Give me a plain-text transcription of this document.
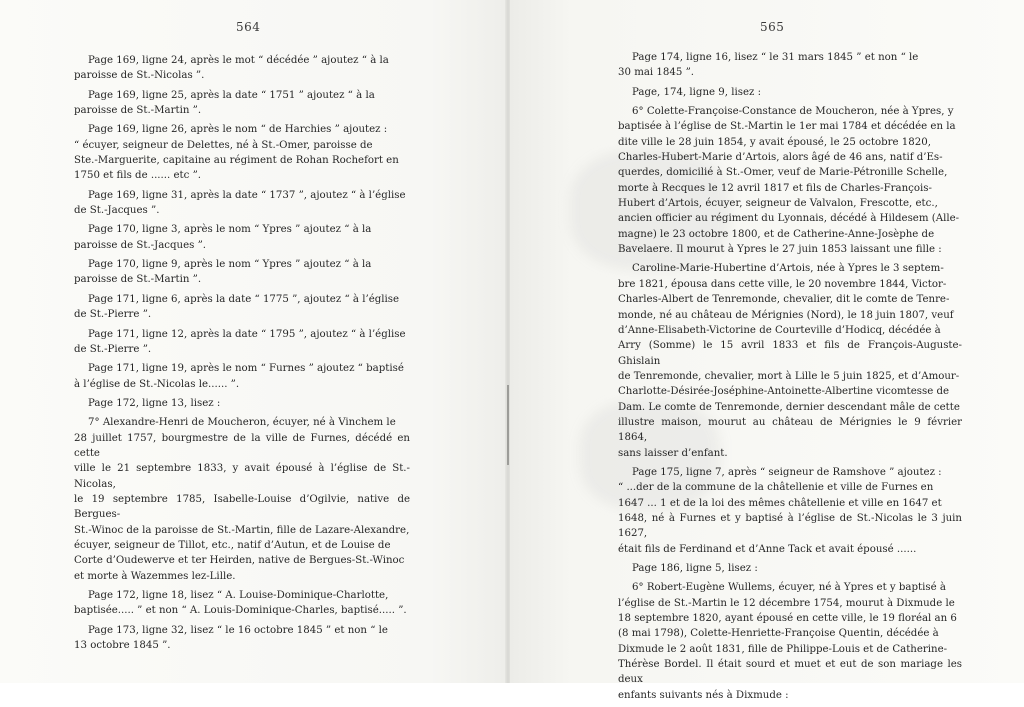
564
Page 169, ligne 24, après le mot “ décédée ” ajoutez “ à la
paroisse de St.-Nicolas ”.
Page 169, ligne 25, après la date “ 1751 ” ajoutez “ à la
paroisse de St.-Martin ”.
Page 169, ligne 26, après le nom “ de Harchies ” ajoutez :
“ écuyer, seigneur de Delettes, né à St.-Omer, paroisse de
Ste.-Marguerite, capitaine au régiment de Rohan Rochefort en
1750 et fils de ...... etc ”.
Page 169, ligne 31, après la date “ 1737 ”, ajoutez “ à l’église
de St.-Jacques ”.
Page 170, ligne 3, après le nom “ Ypres ” ajoutez “ à la
paroisse de St.-Jacques ”.
Page 170, ligne 9, après le nom “ Ypres ” ajoutez “ à la
paroisse de St.-Martin ”.
Page 171, ligne 6, après la date “ 1775 ”, ajoutez “ à l’église
de St.-Pierre ”.
Page 171, ligne 12, après la date “ 1795 ”, ajoutez “ à l’église
de St.-Pierre ”.
Page 171, ligne 19, après le nom “ Furnes ” ajoutez “ baptisé
à l’église de St.-Nicolas le...... ”.
Page 172, ligne 13, lisez :
7° Alexandre-Henri de Moucheron, écuyer, né à Vinchem le
28 juillet 1757, bourgmestre de la ville de Furnes, décédé en cette
ville le 21 septembre 1833, y avait épousé à l’église de St.-Nicolas,
le 19 septembre 1785, Isabelle-Louise d’Ogilvie, native de Bergues-
St.-Winoc de la paroisse de St.-Martin, fille de Lazare-Alexandre,
écuyer, seigneur de Tillot, etc., natif d’Autun, et de Louise de
Corte d’Oudewerve et ter Heirden, native de Bergues-St.-Winoc
et morte à Wazemmes lez-Lille.
Page 172, ligne 18, lisez “ A. Louise-Dominique-Charlotte,
baptisée..... ” et non “ A. Louis-Dominique-Charles, baptisé..... ”.
Page 173, ligne 32, lisez “ le 16 octobre 1845 ” et non “ le
13 octobre 1845 ”.
565
Page 174, ligne 16, lisez “ le 31 mars 1845 ” et non “ le
30 mai 1845 ”.
Page, 174, ligne 9, lisez :
6° Colette-Françoise-Constance de Moucheron, née à Ypres, y
baptisée à l’église de St.-Martin le 1er mai 1784 et décédée en la
dite ville le 28 juin 1854, y avait épousé, le 25 octobre 1820,
Charles-Hubert-Marie d’Artois, alors âgé de 46 ans, natif d’Es-
querdes, domicilié à St.-Omer, veuf de Marie-Pétronille Schelle,
morte à Recques le 12 avril 1817 et fils de Charles-François-
Hubert d’Artois, écuyer, seigneur de Valvalon, Frescotte, etc.,
ancien officier au régiment du Lyonnais, décédé à Hildesem (Alle-
magne) le 23 octobre 1800, et de Catherine-Anne-Josèphe de
Bavelaere. Il mourut à Ypres le 27 juin 1853 laissant une fille :
Caroline-Marie-Hubertine d’Artois, née à Ypres le 3 septem-
bre 1821, épousa dans cette ville, le 20 novembre 1844, Victor-
Charles-Albert de Tenremonde, chevalier, dit le comte de Tenre-
monde, né au château de Mérignies (Nord), le 18 juin 1807, veuf
d’Anne-Elisabeth-Victorine de Courteville d’Hodicq, décédée à
Arry (Somme) le 15 avril 1833 et fils de François-Auguste-Ghislain
de Tenremonde, chevalier, mort à Lille le 5 juin 1825, et d’Amour-
Charlotte-Désirée-Joséphine-Antoinette-Albertine vicomtesse de
Dam. Le comte de Tenremonde, dernier descendant mâle de cette
illustre maison, mourut au château de Mérignies le 9 février 1864,
sans laisser d’enfant.
Page 175, ligne 7, après “ seigneur de Ramshove ” ajoutez :
“ ...der de la commune de la châtellenie et ville de Furnes en
1647 ... 1 et de la loi des mêmes châtellenie et ville en 1647 et
1648, né à Furnes et y baptisé à l’église de St.-Nicolas le 3 juin 1627,
était fils de Ferdinand et d’Anne Tack et avait épousé ......
Page 186, ligne 5, lisez :
6° Robert-Eugène Wullems, écuyer, né à Ypres et y baptisé à
l’église de St.-Martin le 12 décembre 1754, mourut à Dixmude le
18 septembre 1820, ayant épousé en cette ville, le 19 floréal an 6
(8 mai 1798), Colette-Henriette-Françoise Quentin, décédée à
Dixmude le 2 août 1831, fille de Philippe-Louis et de Catherine-
Thérèse Bordel. Il était sourd et muet et eut de son mariage les deux
enfants suivants nés à Dixmude :
